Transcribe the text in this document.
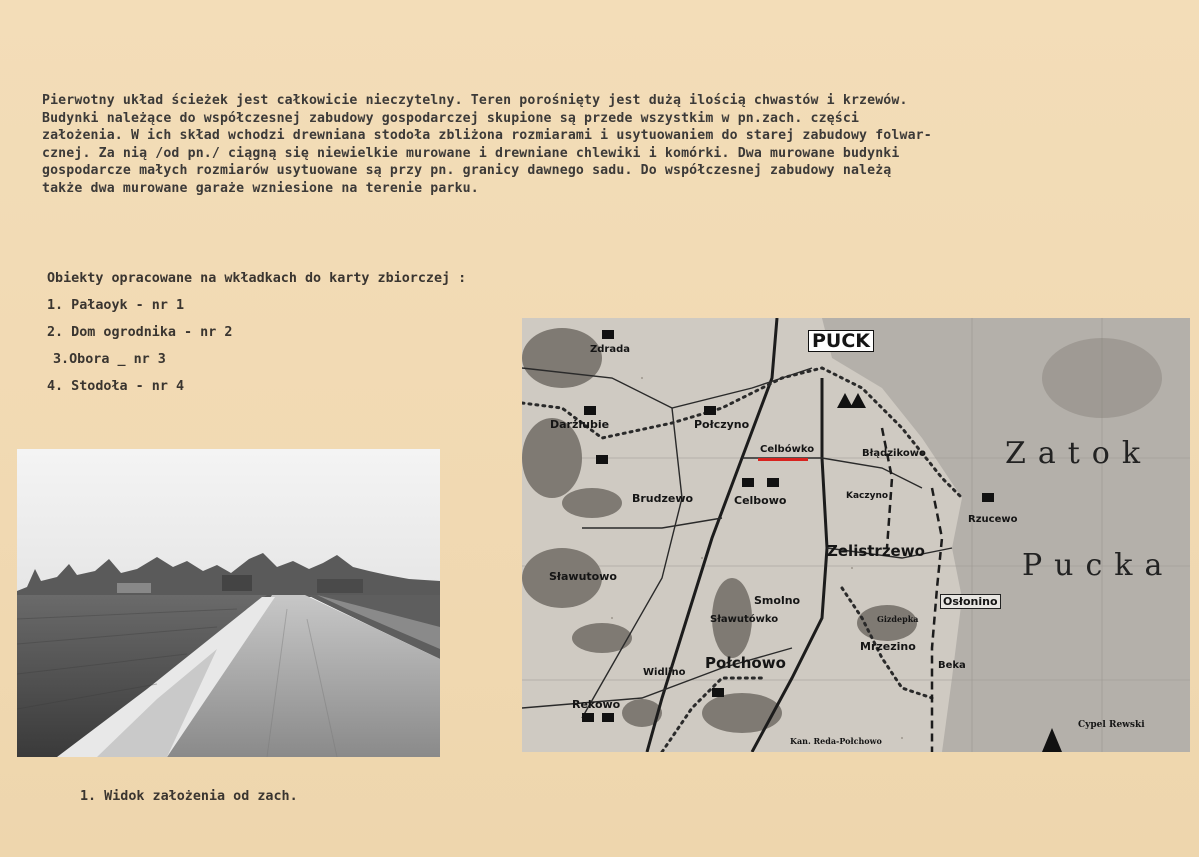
Pierwotny układ ścieżek jest całkowicie nieczytelny. Teren porośnięty jest dużą ilością chwastów i krzewów.
Budynki należące do współczesnej zabudowy gospodarczej skupione są przede wszystkim w pn.zach. części
założenia. W ich skład wchodzi drewniana stodoła zbliżona rozmiarami i usytuowaniem do starej zabudowy folwar-
cznej. Za nią /od pn./ ciągną się niewielkie murowane i drewniane chlewiki i komórki. Dwa murowane budynki
gospodarcze małych rozmiarów usytuowane są przy pn. granicy dawnego sadu. Do współczesnej zabudowy należą
także dwa murowane garaże wzniesione na terenie parku.
Obiekty opracowane na wkładkach do karty zbiorczej :
1. Pałaoyk - nr 1
2. Dom ogrodnika - nr 2
3.Obora _ nr 3
4. Stodoła - nr 4
1. Widok założenia od zach.
PUCK
Zatok
Pucka
Zdrada
Darżlubie	Połczyno
Celbówko	Błądzikowo
Kaczyno
Brudzewo	Celbowo
Rzucewo
Zelistrzewo
Sławutowo
Smolno	Osłonino
Sławutówko	Gizdepka
Mrzezino
Połchowo
Widlino
Beka
Rekowo
Kan. Reda-Połchowo
Cypel Rewski
